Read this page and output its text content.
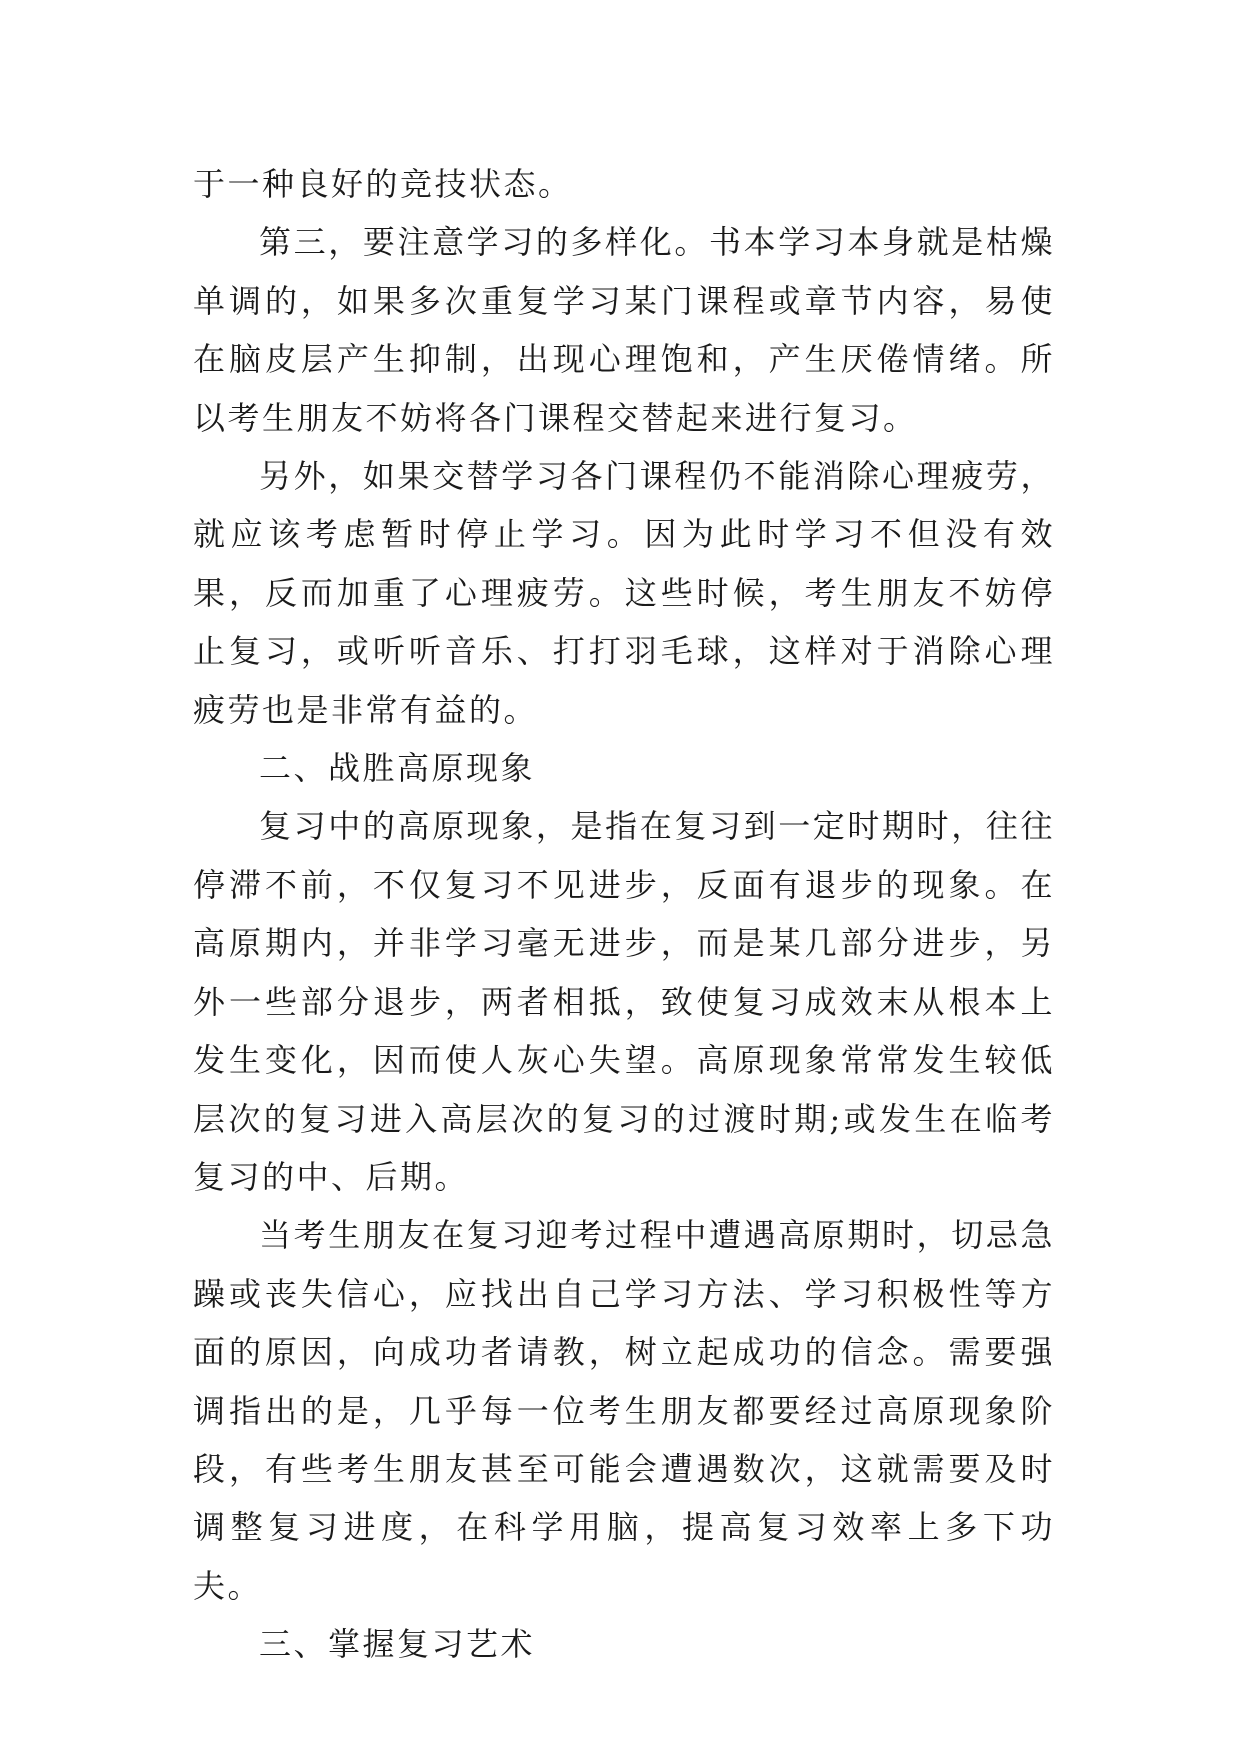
于一种良好的竞技状态。

第三，要注意学习的多样化。书本学习本身就是枯燥单调的，如果多次重复学习某门课程或章节内容，易使在脑皮层产生抑制，出现心理饱和，产生厌倦情绪。所以考生朋友不妨将各门课程交替起来进行复习。

另外，如果交替学习各门课程仍不能消除心理疲劳，就应该考虑暂时停止学习。因为此时学习不但没有效果，反而加重了心理疲劳。这些时候，考生朋友不妨停止复习，或听听音乐、打打羽毛球，这样对于消除心理疲劳也是非常有益的。

二、战胜高原现象

复习中的高原现象，是指在复习到一定时期时，往往停滞不前，不仅复习不见进步，反面有退步的现象。在高原期内，并非学习毫无进步，而是某几部分进步，另外一些部分退步，两者相抵，致使复习成效末从根本上发生变化，因而使人灰心失望。高原现象常常发生较低层次的复习进入高层次的复习的过渡时期;或发生在临考复习的中、后期。

当考生朋友在复习迎考过程中遭遇高原期时，切忌急躁或丧失信心，应找出自己学习方法、学习积极性等方面的原因，向成功者请教，树立起成功的信念。需要强调指出的是，几乎每一位考生朋友都要经过高原现象阶段，有些考生朋友甚至可能会遭遇数次，这就需要及时调整复习进度，在科学用脑，提高复习效率上多下功夫。

三、掌握复习艺术
